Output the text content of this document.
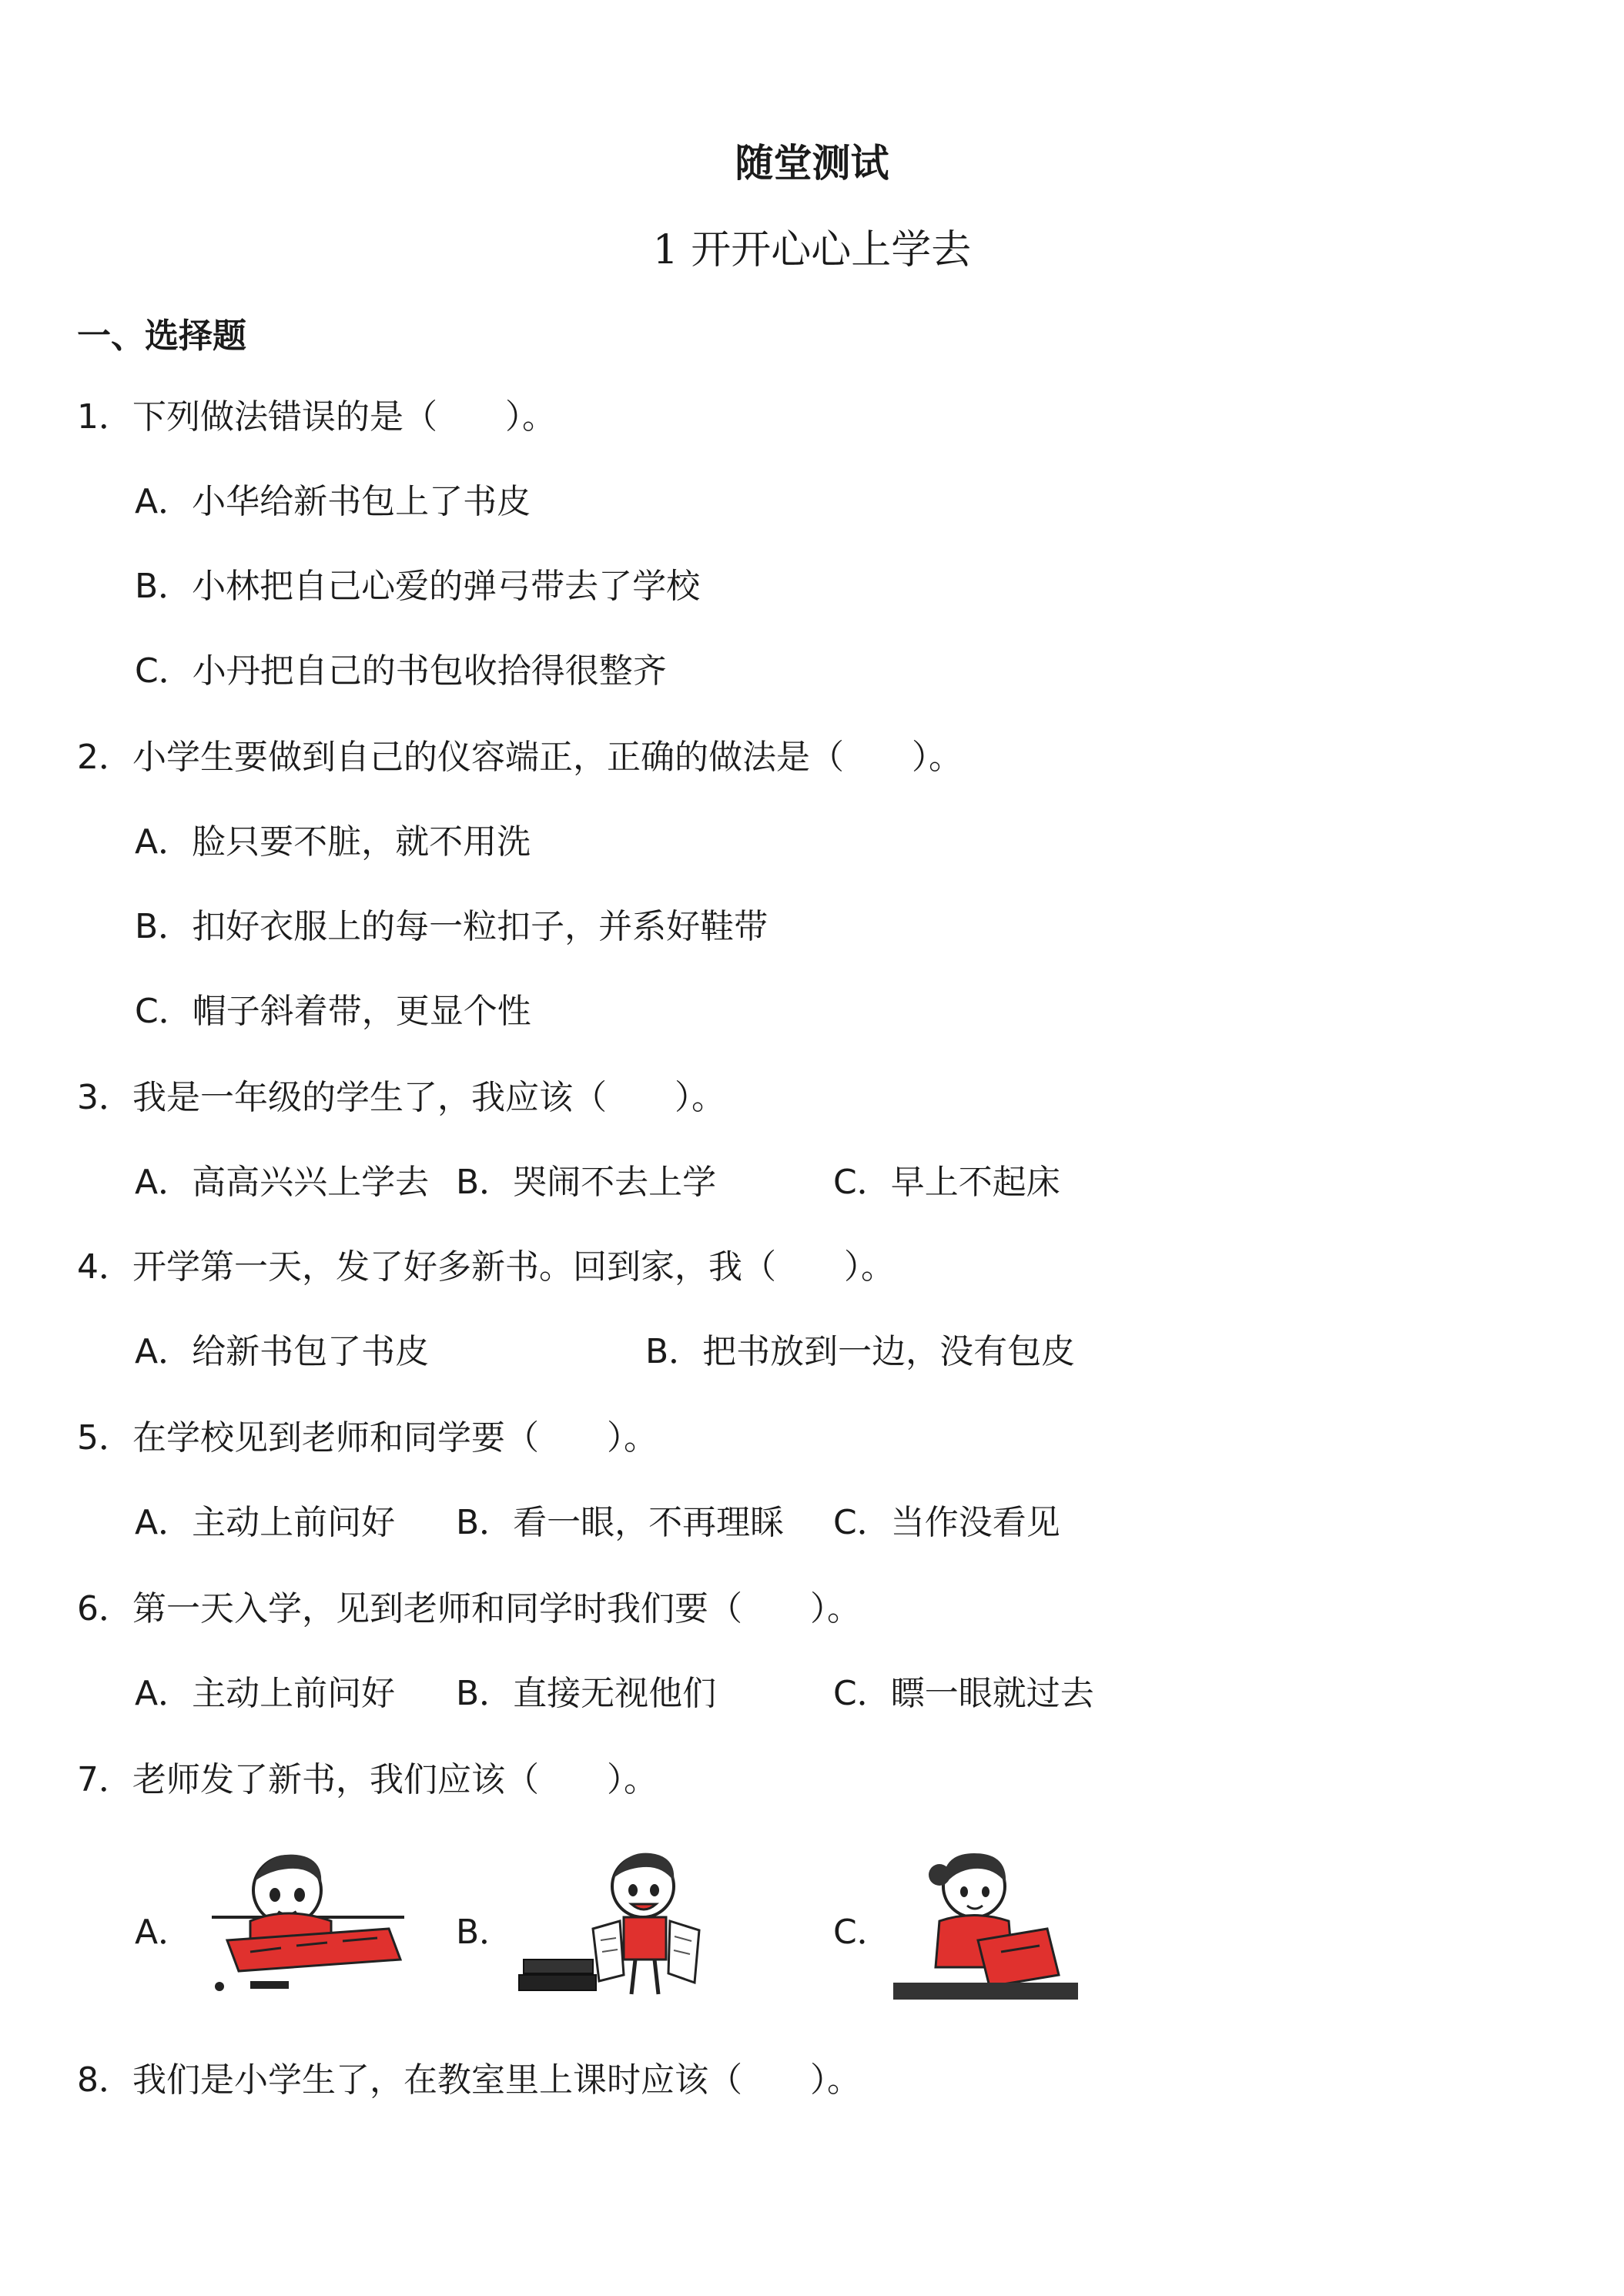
随堂测试
1 开开心心上学去
一、选择题
1．下列做法错误的是（　　）。
A．小华给新书包上了书皮
B．小林把自己心爱的弹弓带去了学校
C．小丹把自己的书包收拾得很整齐
2．小学生要做到自己的仪容端正，正确的做法是（　　）。
A．脸只要不脏，就不用洗
B．扣好衣服上的每一粒扣子，并系好鞋带
C．帽子斜着带，更显个性
3．我是一年级的学生了，我应该（　　）。
A．高高兴兴上学去 B．哭闹不去上学	C．早上不起床
4．开学第一天，发了好多新书。回到家，我（　　）。
A．给新书包了书皮	B．把书放到一边，没有包皮
5．在学校见到老师和同学要（　　）。
A．主动上前问好 B．看一眼，不再理睬 C．当作没看见
6．第一天入学，见到老师和同学时我们要（　　）。
A．主动上前问好 B．直接无视他们	C．瞟一眼就过去
7．老师发了新书，我们应该（　　）。
A．	B．	C．
8．我们是小学生了，在教室里上课时应该（　　）。
